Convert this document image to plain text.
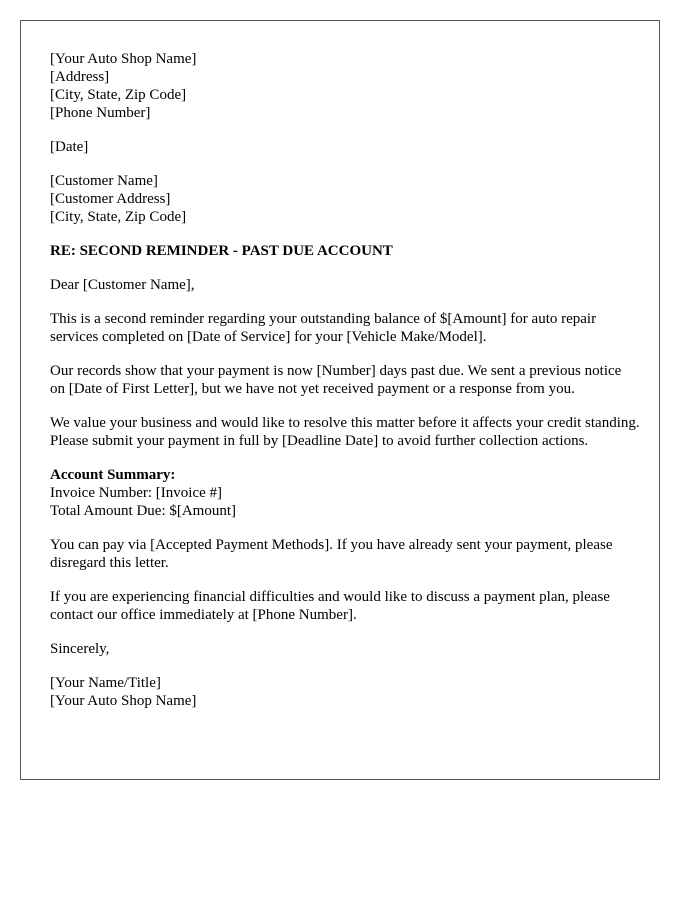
[Your Auto Shop Name]
[Address]
[City, State, Zip Code]
[Phone Number]
[Date]
[Customer Name]
[Customer Address]
[City, State, Zip Code]
RE: SECOND REMINDER - PAST DUE ACCOUNT

Dear [Customer Name],

This is a second reminder regarding your outstanding balance of $[Amount] for auto repair services completed on [Date of Service] for your [Vehicle Make/Model].

Our records show that your payment is now [Number] days past due. We sent a previous notice on [Date of First Letter], but we have not yet received payment or a response from you.

We value your business and would like to resolve this matter before it affects your credit standing. Please submit your payment in full by [Deadline Date] to avoid further collection actions.

Account Summary:
Invoice Number: [Invoice #]
Total Amount Due: $[Amount]

You can pay via [Accepted Payment Methods]. If you have already sent your payment, please disregard this letter.

If you are experiencing financial difficulties and would like to discuss a payment plan, please contact our office immediately at [Phone Number].

Sincerely,

[Your Name/Title]
[Your Auto Shop Name]
